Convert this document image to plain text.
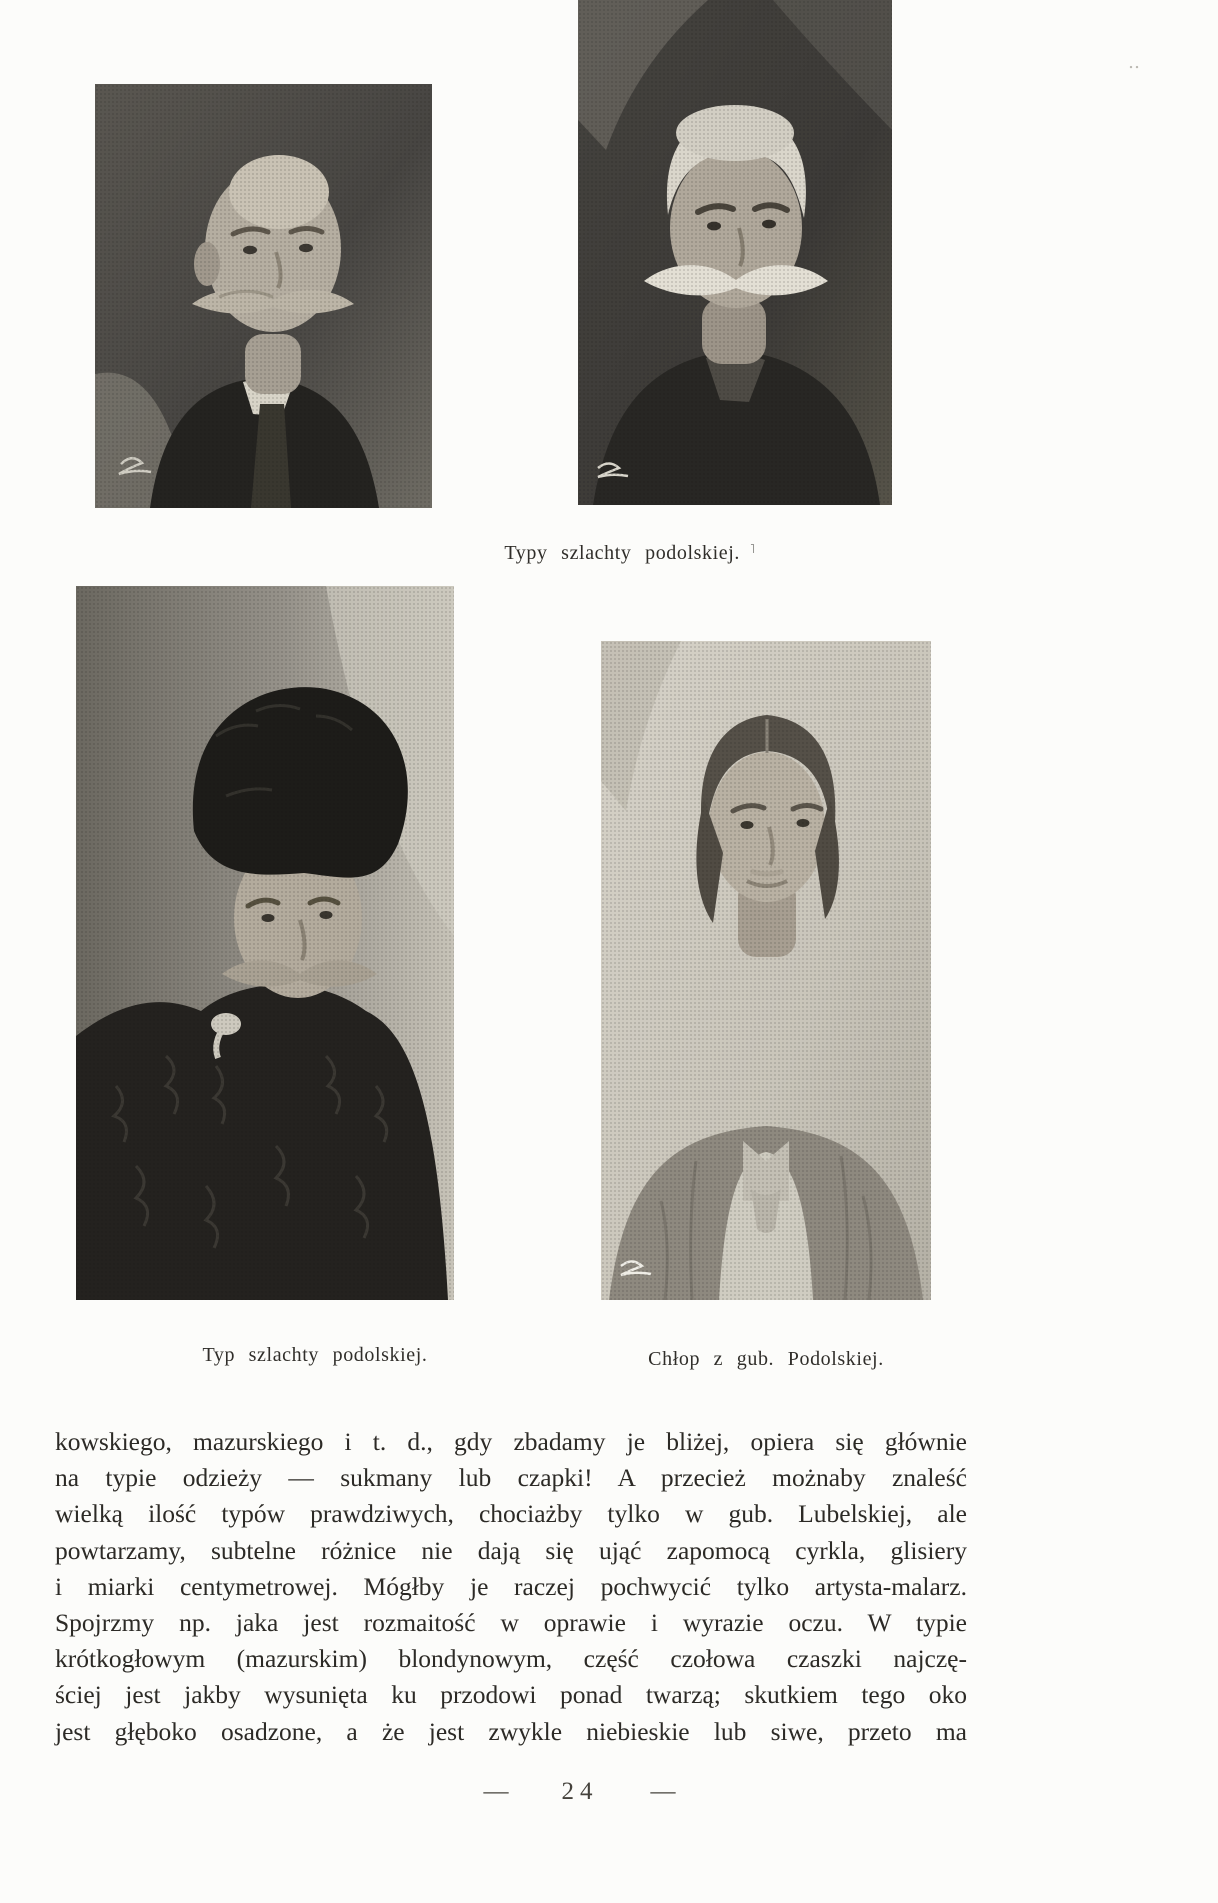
‥
Typy szlachty podolskiej. ˥
Typ szlachty podolskiej.	Chłop z gub. Podolskiej.
kowskiego, mazurskiego i t. d., gdy zbadamy je bliżej, opiera się głównie
na typie odzieży — sukmany lub czapki! A przecież możnaby znaleść
wielką ilość typów prawdziwych, chociażby tylko w gub. Lubelskiej, ale
powtarzamy, subtelne różnice nie dają się ująć zapomocą cyrkla, glisiery
i miarki centymetrowej. Mógłby je raczej pochwycić tylko artysta-malarz.
Spojrzmy np. jaka jest rozmaitość w oprawie i wyrazie oczu. W typie
krótkogłowym (mazurskim) blondynowym, część czołowa czaszki najczę-
ściej jest jakby wysunięta ku przodowi ponad twarzą; skutkiem tego oko
jest głęboko osadzone, a że jest zwykle niebieskie lub siwe, przeto ma
— 24 —
